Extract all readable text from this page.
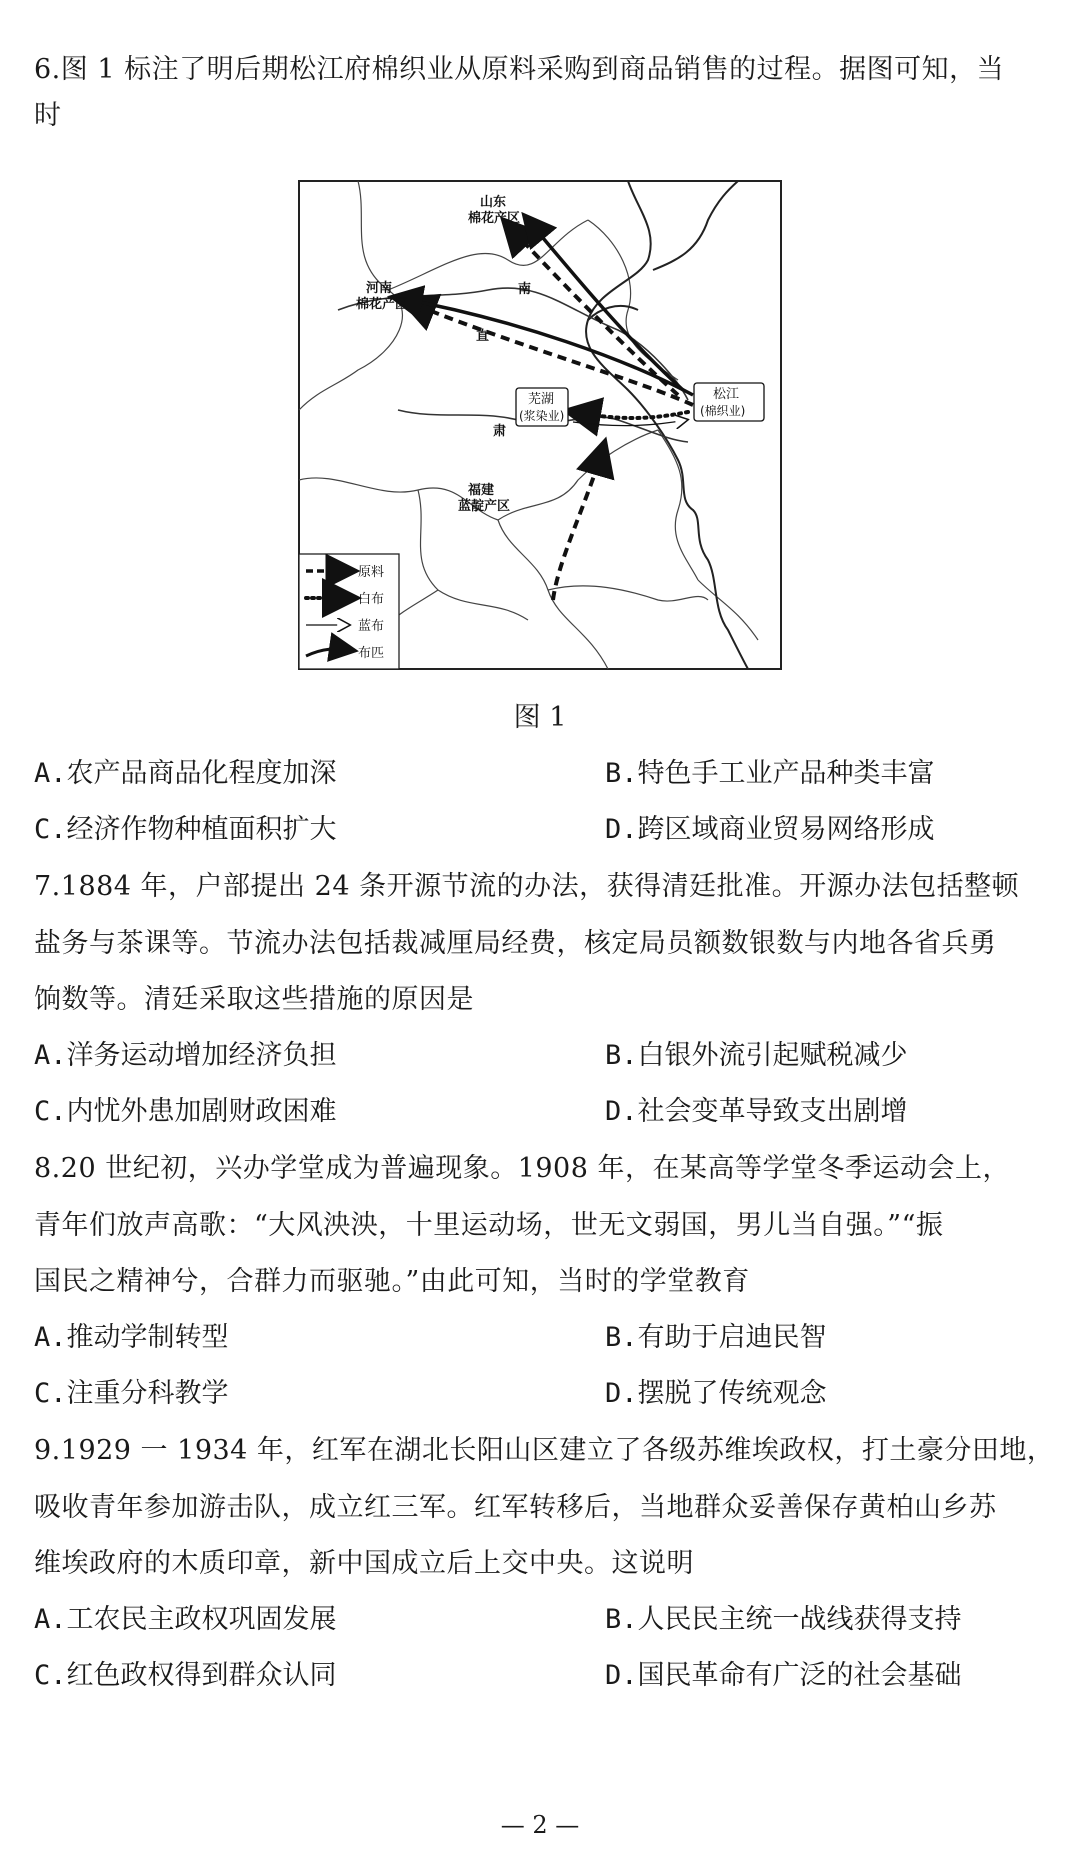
6.图 1 标注了明后期松江府棉织业从原料采购到商品销售的过程。据图可知，当
时
山东
棉花产区
河南
棉花产区
福建
蓝靛产区
南
直
肃
芜湖
(浆染业)
松江
(棉织业)
原料
白布
蓝布
布匹
图 1
A.农产品商品化程度加深	B.特色手工业产品种类丰富
C.经济作物种植面积扩大	D.跨区域商业贸易网络形成
7.1884 年，户部提出 24 条开源节流的办法，获得清廷批准。开源办法包括整顿
盐务与茶课等。节流办法包括裁减厘局经费，核定局员额数银数与内地各省兵勇
饷数等。清廷采取这些措施的原因是
A.洋务运动增加经济负担	B.白银外流引起赋税减少
C.内忧外患加剧财政困难	D.社会变革导致支出剧增
8.20 世纪初，兴办学堂成为普遍现象。1908 年，在某高等学堂冬季运动会上，
青年们放声高歌：“大风泱泱，十里运动场，世无文弱国，男儿当自强。”“振
国民之精神兮，合群力而驱驰。”由此可知，当时的学堂教育
A.推动学制转型	B.有助于启迪民智
C.注重分科教学	D.摆脱了传统观念
9.1929 一 1934 年，红军在湖北长阳山区建立了各级苏维埃政权，打土豪分田地，
吸收青年参加游击队，成立红三军。红军转移后，当地群众妥善保存黄柏山乡苏
维埃政府的木质印章，新中国成立后上交中央。这说明
A.工农民主政权巩固发展	B.人民民主统一战线获得支持
C.红色政权得到群众认同	D.国民革命有广泛的社会基础
— 2 —
